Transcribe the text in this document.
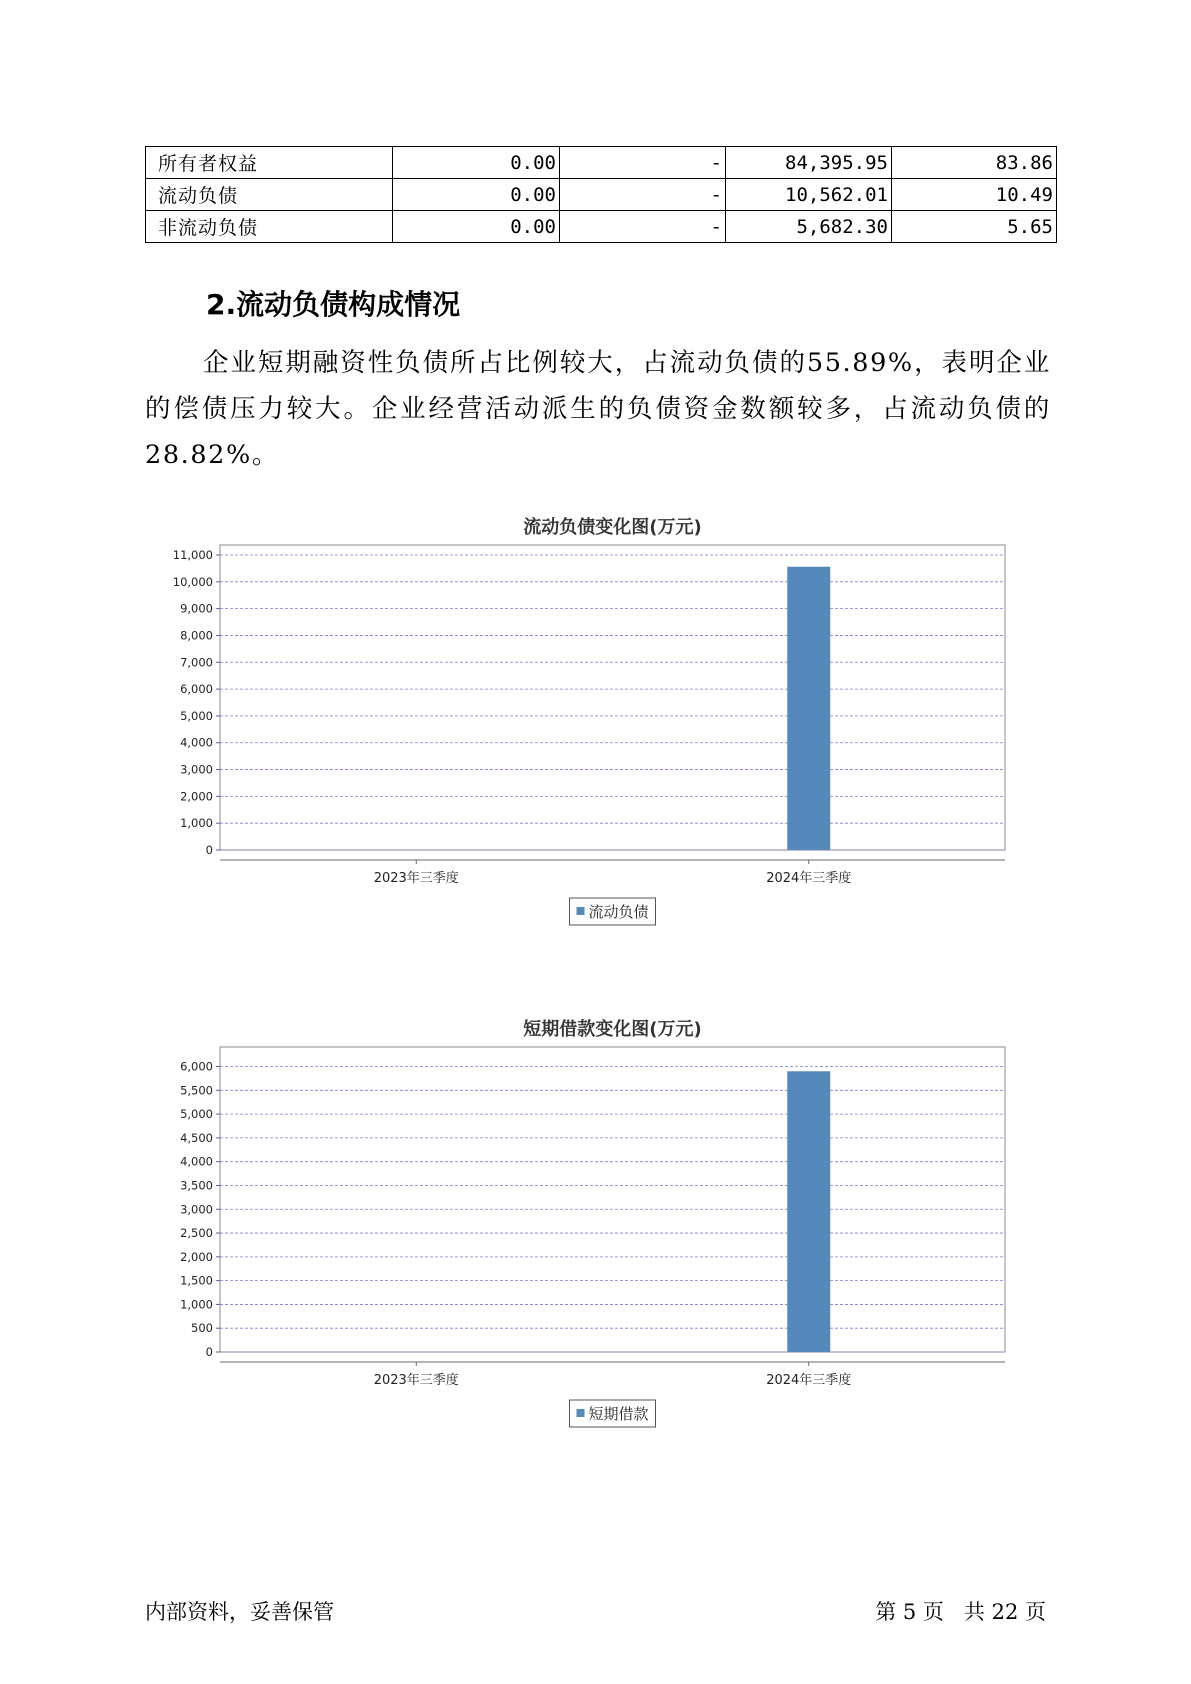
所有者权益	0.00	-	84,395.95	83.86
流动负债	0.00	-	10,562.01	10.49
非流动负债	0.00	-	5,682.30	5.65
2.流动负债构成情况

企业短期融资性负债所占比例较大，占流动负债的55.89%，表明企业的偿债压力较大。企业经营活动派生的负债资金数额较多，占流动负债的28.82%。

流动负债变化图(万元)
0
1,000
2,000
3,000
4,000
5,000
6,000
7,000
8,000
9,000
10,000
11,000
2023年三季度	2024年三季度
流动负债
短期借款变化图(万元)
0
500
1,000
1,500
2,000
2,500
3,000
3,500
4,000
4,500
5,000
5,500
6,000
2023年三季度	2024年三季度
短期借款

内部资料，妥善保管	第 5 页   共 22 页
